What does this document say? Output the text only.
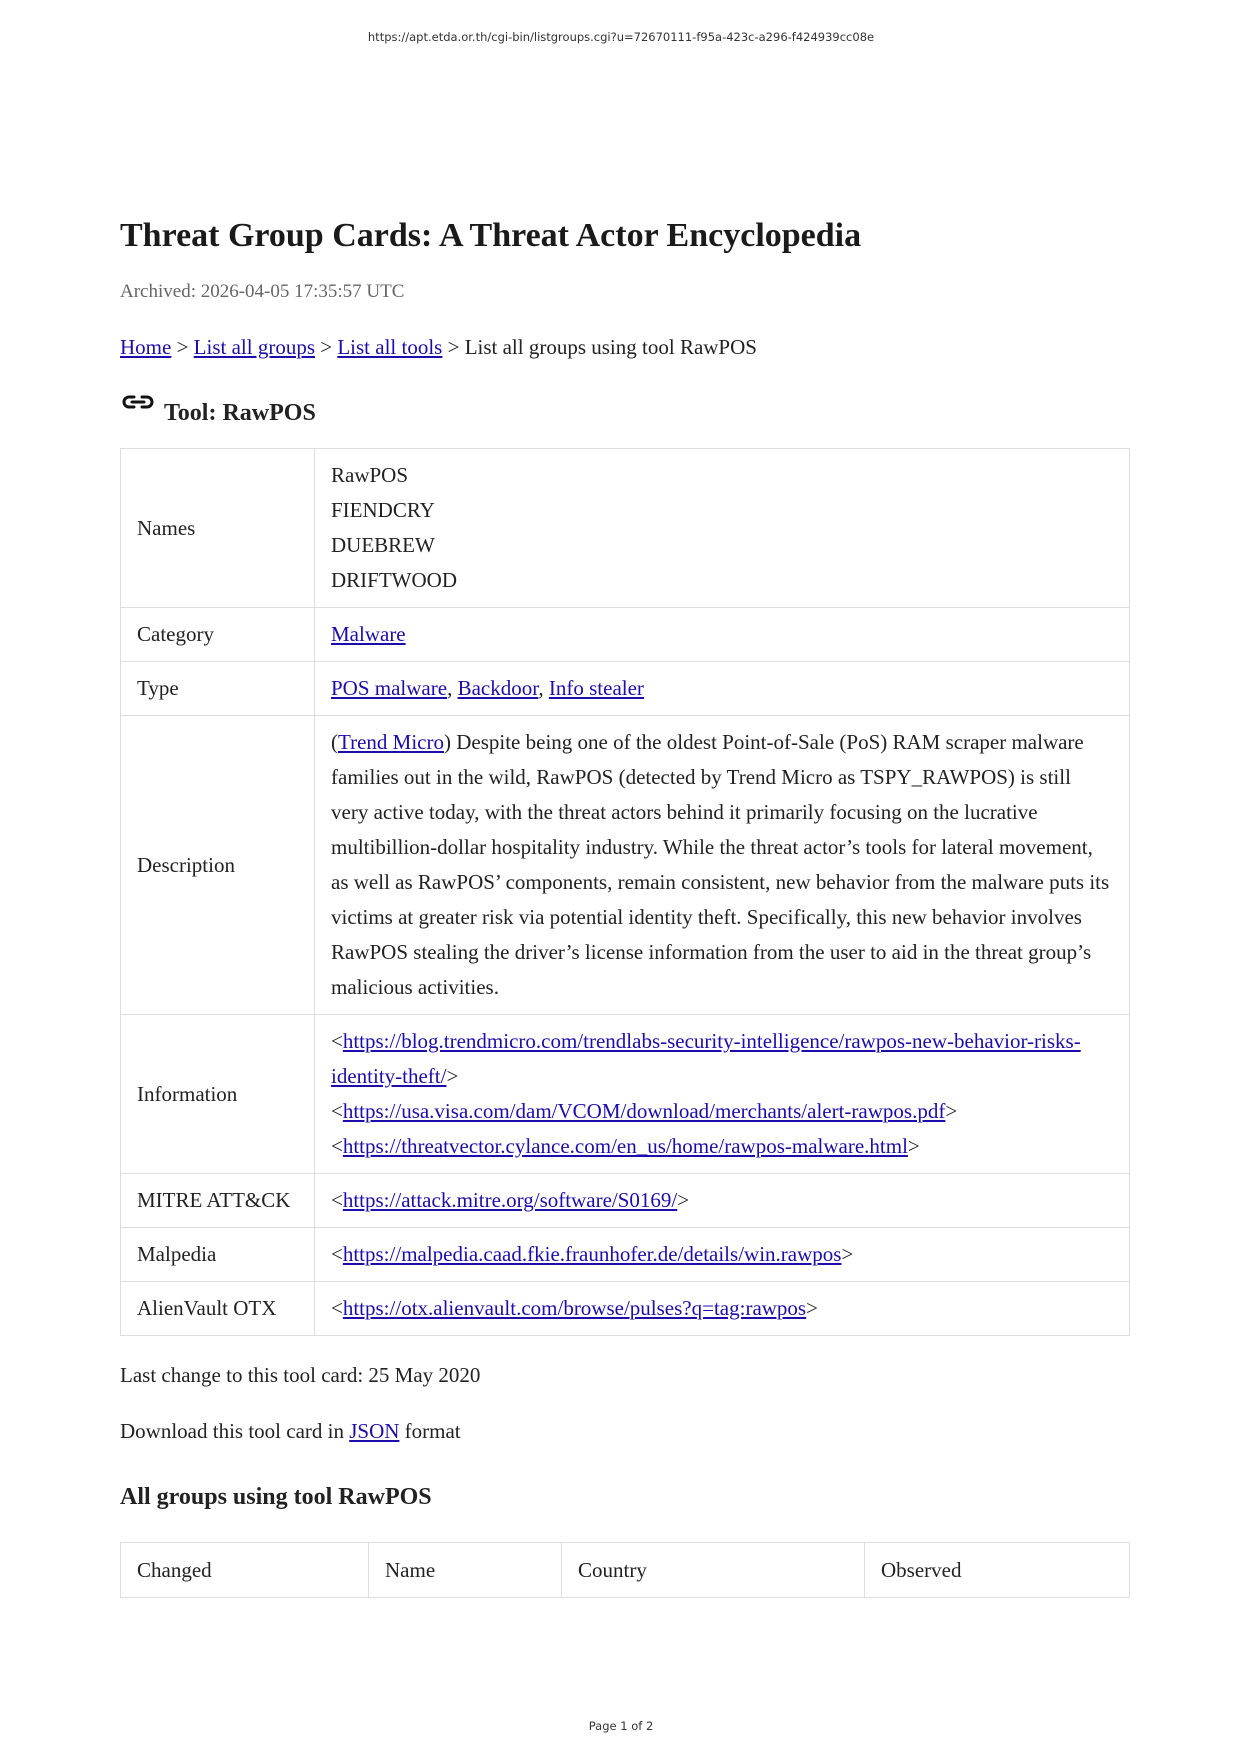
https://apt.etda.or.th/cgi-bin/listgroups.cgi?u=72670111-f95a-423c-a296-f424939cc08e
Threat Group Cards: A Threat Actor Encyclopedia
Archived: 2026-04-05 17:35:57 UTC
Home > List all groups > List all tools > List all groups using tool RawPOS
Tool: RawPOS
Names	RawPOS
FIENDCRY
DUEBREW
DRIFTWOOD

Category	Malware
Type	POS malware, Backdoor, Info stealer
Description	(Trend Micro) Despite being one of the oldest Point-of-Sale (PoS) RAM scraper malware families out in the wild, RawPOS (detected by Trend Micro as TSPY_RAWPOS) is still very active today, with the threat actors behind it primarily focusing on the lucrative multibillion-dollar hospitality industry. While the threat actor’s tools for lateral movement, as well as RawPOS’ components, remain consistent, new behavior from the malware puts its victims at greater risk via potential identity theft. Specifically, this new behavior involves RawPOS stealing the driver’s license information from the user to aid in the threat group’s malicious activities.
Information	<https://blog.trendmicro.com/trendlabs-security-intelligence/rawpos-new-behavior-risks-identity-theft/>
<https://usa.visa.com/dam/VCOM/download/merchants/alert-rawpos.pdf>
<https://threatvector.cylance.com/en_us/home/rawpos-malware.html>

MITRE ATT&CK	<https://attack.mitre.org/software/S0169/>
Malpedia	<https://malpedia.caad.fkie.fraunhofer.de/details/win.rawpos>
AlienVault OTX	<https://otx.alienvault.com/browse/pulses?q=tag:rawpos>
Last change to this tool card: 25 May 2020
Download this tool card in JSON format
All groups using tool RawPOS
Changed	Name	Country	Observed
Page 1 of 2
